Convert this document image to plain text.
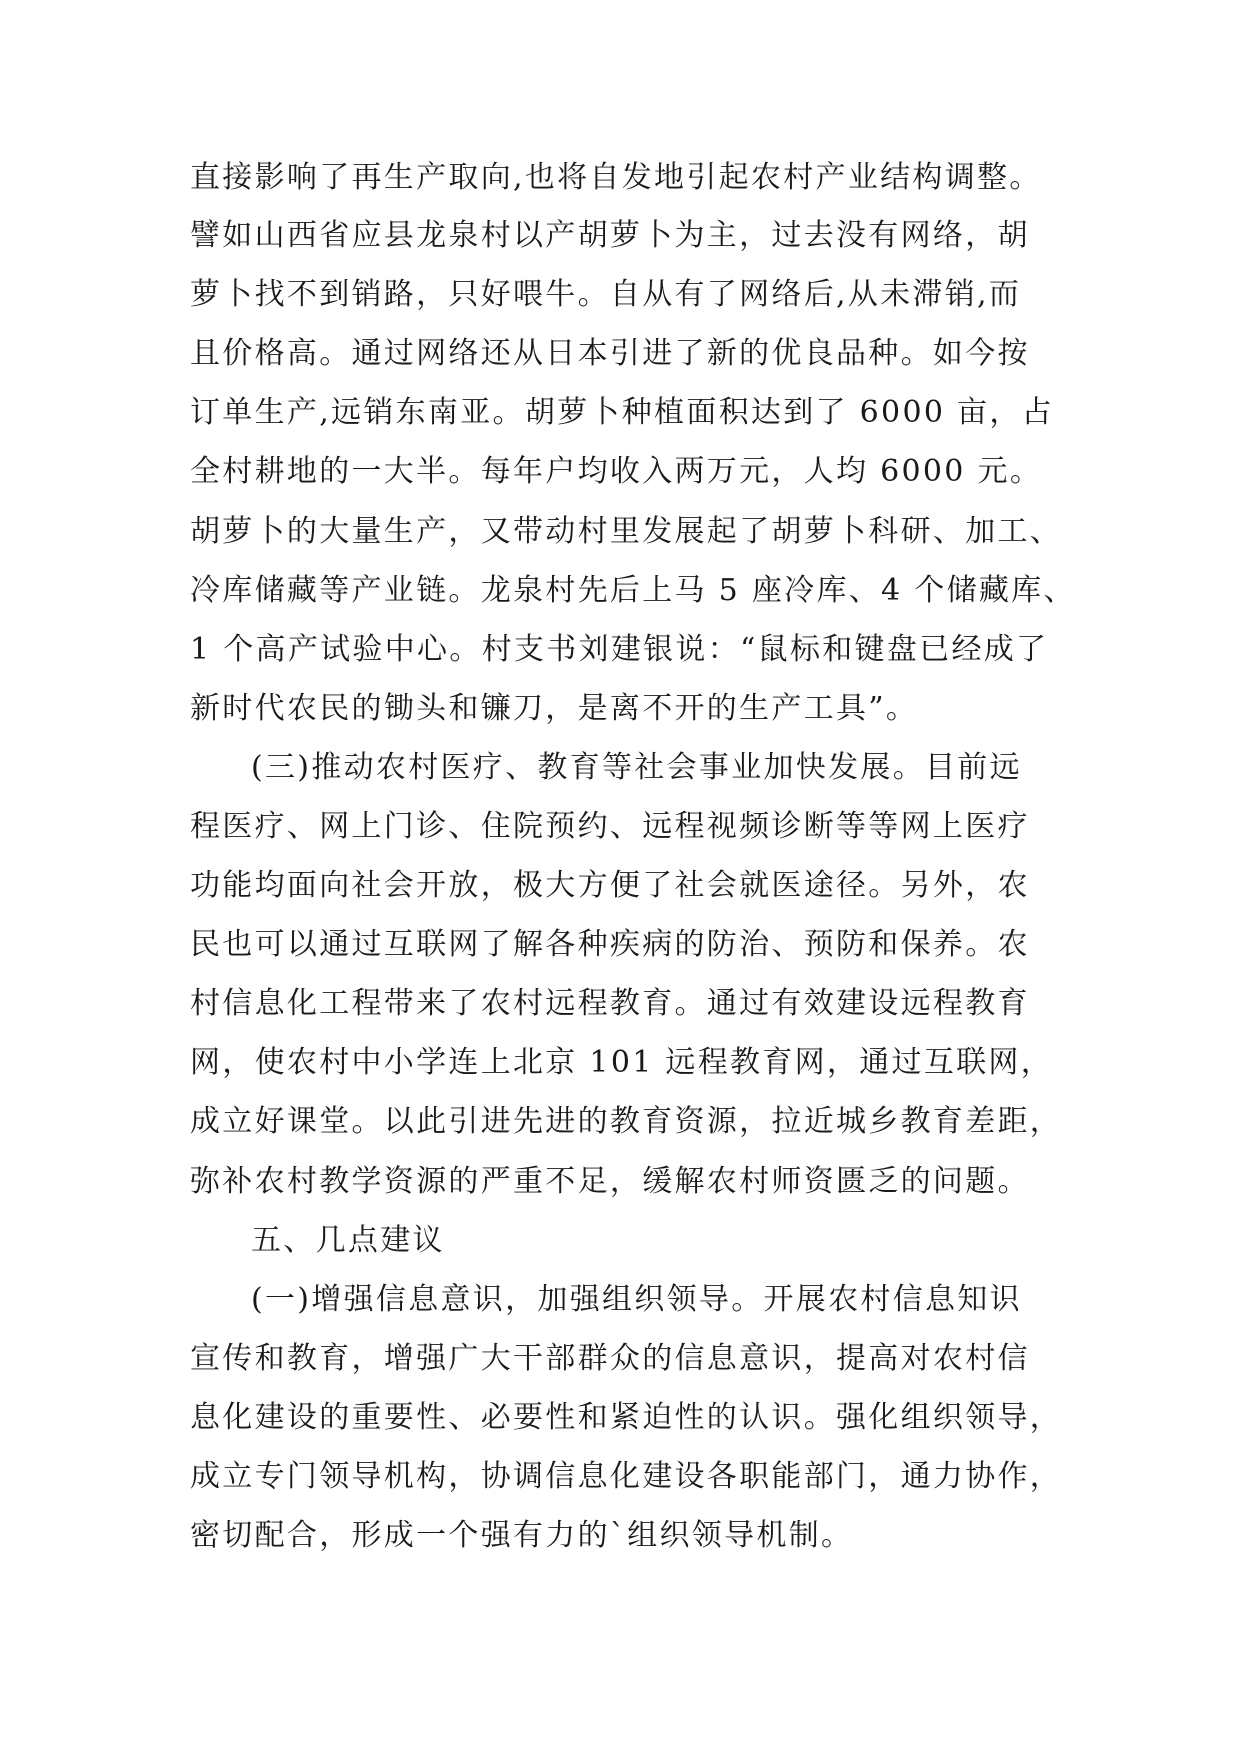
直接影响了再生产取向,也将自发地引起农村产业结构调整。
譬如山西省应县龙泉村以产胡萝卜为主，过去没有网络，胡
萝卜找不到销路，只好喂牛。自从有了网络后,从未滞销,而
且价格高。通过网络还从日本引进了新的优良品种。如今按
订单生产,远销东南亚。胡萝卜种植面积达到了 6000 亩，占
全村耕地的一大半。每年户均收入两万元，人均 6000 元。
胡萝卜的大量生产，又带动村里发展起了胡萝卜科研、加工、
冷库储藏等产业链。龙泉村先后上马 5 座冷库、4 个储藏库、
1 个高产试验中心。村支书刘建银说：“鼠标和键盘已经成了
新时代农民的锄头和镰刀，是离不开的生产工具”。
(三)推动农村医疗、教育等社会事业加快发展。目前远
程医疗、网上门诊、住院预约、远程视频诊断等等网上医疗
功能均面向社会开放，极大方便了社会就医途径。另外，农
民也可以通过互联网了解各种疾病的防治、预防和保养。农
村信息化工程带来了农村远程教育。通过有效建设远程教育
网，使农村中小学连上北京 101 远程教育网，通过互联网，
成立好课堂。以此引进先进的教育资源，拉近城乡教育差距，
弥补农村教学资源的严重不足，缓解农村师资匮乏的问题。
五、几点建议
(一)增强信息意识，加强组织领导。开展农村信息知识
宣传和教育，增强广大干部群众的信息意识，提高对农村信
息化建设的重要性、必要性和紧迫性的认识。强化组织领导，
成立专门领导机构，协调信息化建设各职能部门，通力协作，
密切配合，形成一个强有力的`组织领导机制。
